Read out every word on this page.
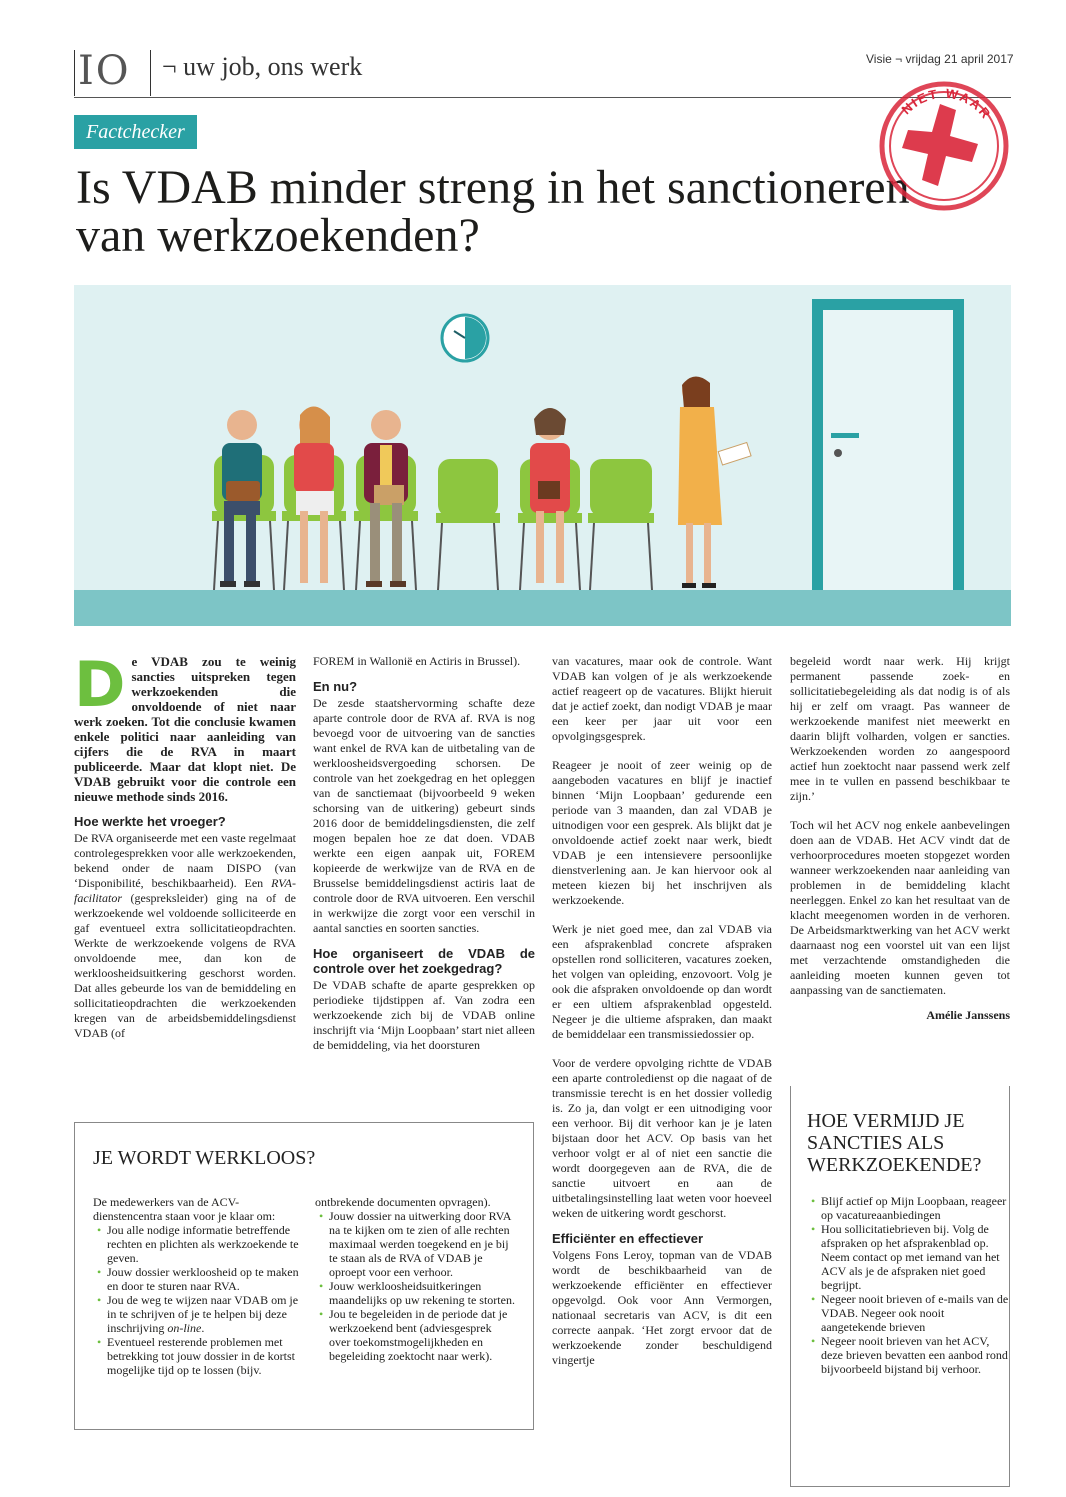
IO ¬ uw job, ons werk	Visie ¬ vrijdag 21 april 2017
Factchecker
Is VDAB minder streng in het sanctioneren van werkzoekenden?
NIET WAAR
D e VDAB zou te weinig sancties uitspreken tegen werkzoekenden die onvoldoende of niet naar werk zoeken. Tot die conclusie kwamen enkele politici naar aanleiding van cijfers die de RVA in maart publiceerde. Maar dat klopt niet. De VDAB gebruikt voor die controle een nieuwe methode sinds 2016.

Hoe werkte het vroeger?

De RVA organiseerde met een vaste regelmaat controlegesprekken voor alle werkzoekenden, bekend onder de naam DISPO (van ‘Disponibilité, beschikbaarheid). Een RVA-facilitator (gespreksleider) ging na of de werkzoekende wel voldoende solliciteerde en gaf eventueel extra sollicitatieopdrachten. Werkte de werkzoekende volgens de RVA onvoldoende mee, dan kon de werkloosheidsuitkering geschorst worden. Dat alles gebeurde los van de bemiddeling en sollicitatieopdrachten die werkzoekenden kregen van de arbeidsbemiddelingsdienst VDAB (of

FOREM in Wallonië en Actiris in Brussel).

En nu?

De zesde staatshervorming schafte deze aparte controle door de RVA af. RVA is nog bevoegd voor de uitvoering van de sancties want enkel de RVA kan de uitbetaling van de werkloosheidsvergoeding schorsen. De controle van het zoekgedrag en het opleggen van de sanctiemaat (bijvoorbeeld 9 weken schorsing van de uitkering) gebeurt sinds 2016 door de bemiddelingsdiensten, die zelf mogen bepalen hoe ze dat doen. VDAB werkte een eigen aanpak uit, FOREM kopieerde de werkwijze van de RVA en de Brusselse bemiddelingsdienst actiris laat de controle door de RVA uitvoeren. Een verschil in werkwijze die zorgt voor een verschil in aantal sancties en soorten sancties.

Hoe organiseert de VDAB de controle over het zoekgedrag?

De VDAB schafte de aparte gesprekken op periodieke tijdstippen af. Van zodra een werkzoekende zich bij de VDAB online inschrijft via ‘Mijn Loopbaan’ start niet alleen de bemiddeling, via het doorsturen

van vacatures, maar ook de controle. Want VDAB kan volgen of je als werkzoekende actief reageert op de vacatures. Blijkt hieruit dat je actief zoekt, dan nodigt VDAB je maar een keer per jaar uit voor een opvolgingsgesprek.

Reageer je nooit of zeer weinig op de aangeboden vacatures en blijf je inactief binnen ‘Mijn Loopbaan’ gedurende een periode van 3 maanden, dan zal VDAB je uitnodigen voor een gesprek. Als blijkt dat je onvoldoende actief zoekt naar werk, biedt VDAB je een intensievere persoonlijke dienstverlening aan. Je kan hiervoor ook al meteen kiezen bij het inschrijven als werkzoekende.

Werk je niet goed mee, dan zal VDAB via een afsprakenblad concrete afspraken opstellen rond solliciteren, vacatures zoeken, het volgen van opleiding, enzovoort. Volg je ook die afspraken onvoldoende op dan wordt er een ultiem afsprakenblad opgesteld. Negeer je die ultieme afspraken, dan maakt de bemiddelaar een transmissiedossier op.

Voor de verdere opvolging richtte de VDAB een aparte controledienst op die nagaat of de transmissie terecht is en het dossier volledig is. Zo ja, dan volgt er een uitnodiging voor een verhoor. Bij dit verhoor kan je je laten bijstaan door het ACV. Op basis van het verhoor volgt er al of niet een sanctie die wordt doorgegeven aan de RVA, die de sanctie uitvoert en aan de uitbetalingsinstelling laat weten voor hoeveel weken de uitkering wordt geschorst.

Efficiënter en effectiever

Volgens Fons Leroy, topman van de VDAB wordt de beschikbaarheid van de werkzoekende efficiënter en effectiever opgevolgd. Ook voor Ann Vermorgen, nationaal secretaris van ACV, is dit een correcte aanpak. ‘Het zorgt ervoor dat de werkzoekende zonder beschuldigend vingertje

begeleid wordt naar werk. Hij krijgt permanent passende zoek- en sollicitatiebegeleiding als dat nodig is of als hij er zelf om vraagt. Pas wanneer de werkzoekende manifest niet meewerkt en daarin blijft volharden, volgen er sancties. Werkzoekenden worden zo aangespoord actief hun zoektocht naar passend werk zelf mee in te vullen en passend beschikbaar te zijn.’

Toch wil het ACV nog enkele aanbevelingen doen aan de VDAB. Het ACV vindt dat de verhoorprocedures moeten stopgezet worden wanneer werkzoekenden naar aanleiding van problemen in de bemiddeling klacht neerleggen. Enkel zo kan het resultaat van de klacht meegenomen worden in de verhoren. De Arbeidsmarktwerking van het ACV werkt daarnaast nog een voorstel uit van een lijst met verzachtende omstandigheden die aanleiding moeten kunnen geven tot aanpassing van de sanctiematen.

Amélie Janssens

JE WORDT WERKLOOS?

De medewerkers van de ACV-dienstencentra staan voor je klaar om:

• Jou alle nodige informatie betreffende rechten en plichten als werkzoekende te geven.
• Jouw dossier werkloosheid op te maken en door te sturen naar RVA.
• Jou de weg te wijzen naar VDAB om je in te schrijven of je te helpen bij deze inschrijving on-line.
• Eventueel resterende problemen met betrekking tot jouw dossier in de kortst mogelijke tijd op te lossen (bijv.

ontbrekende documenten opvragen).

• Jouw dossier na uitwerking door RVA na te kijken om te zien of alle rechten maximaal werden toegekend en je bij te staan als de RVA of VDAB je oproept voor een verhoor.
• Jouw werkloosheidsuitkeringen maandelijks op uw rekening te storten.
• Jou te begeleiden in de periode dat je werkzoekend bent (adviesgesprek over toekomstmogelijkheden en begeleiding zoektocht naar werk).
HOE VERMIJD JE SANCTIES ALS WERKZOEKENDE?
• Blijf actief op Mijn Loopbaan, reageer op vacatureaanbiedingen
• Hou sollicitatiebrieven bij. Volg de afspraken op het afsprakenblad op. Neem contact op met iemand van het ACV als je de afspraken niet goed begrijpt.
• Negeer nooit brieven of e-mails van de VDAB. Negeer ook nooit aangetekende brieven
• Negeer nooit brieven van het ACV, deze brieven bevatten een aanbod rond bijvoorbeeld bijstand bij verhoor.
